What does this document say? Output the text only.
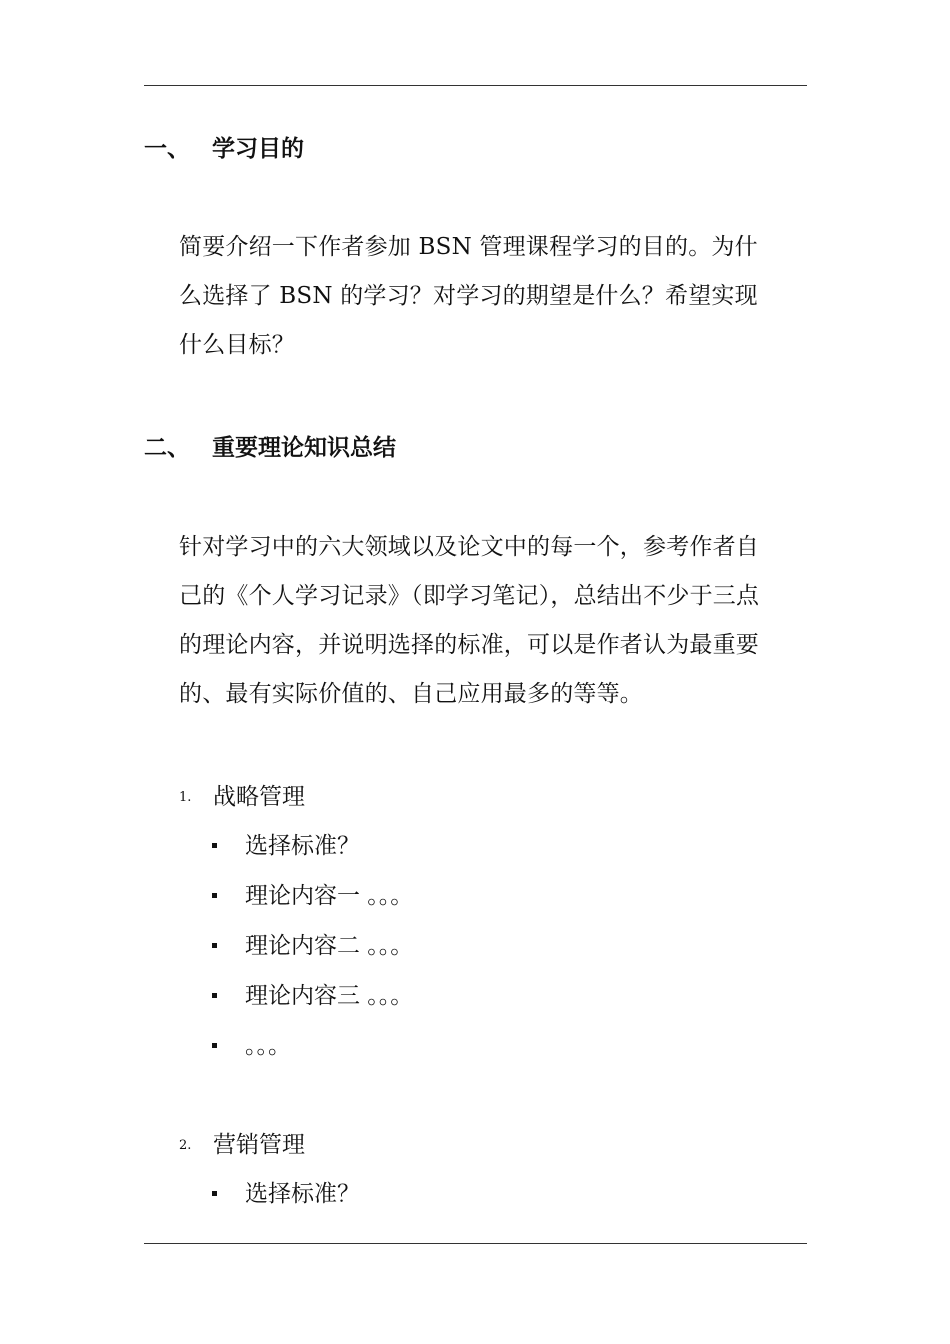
一、 学习目的
简要介绍一下作者参加 BSN 管理课程学习的目的。为什
么选择了 BSN 的学习？对学习的期望是什么？希望实现
什么目标？
二、 重要理论知识总结
针对学习中的六大领域以及论文中的每一个，参考作者自
己的《个人学习记录》（即学习笔记），总结出不少于三点
的理论内容，并说明选择的标准，可以是作者认为最重要
的、最有实际价值的、自己应用最多的等等。
1. 战略管理
选择标准？
理论内容一 。。。
理论内容二 。。。
理论内容三 。。。
。。。
2. 营销管理
选择标准？
